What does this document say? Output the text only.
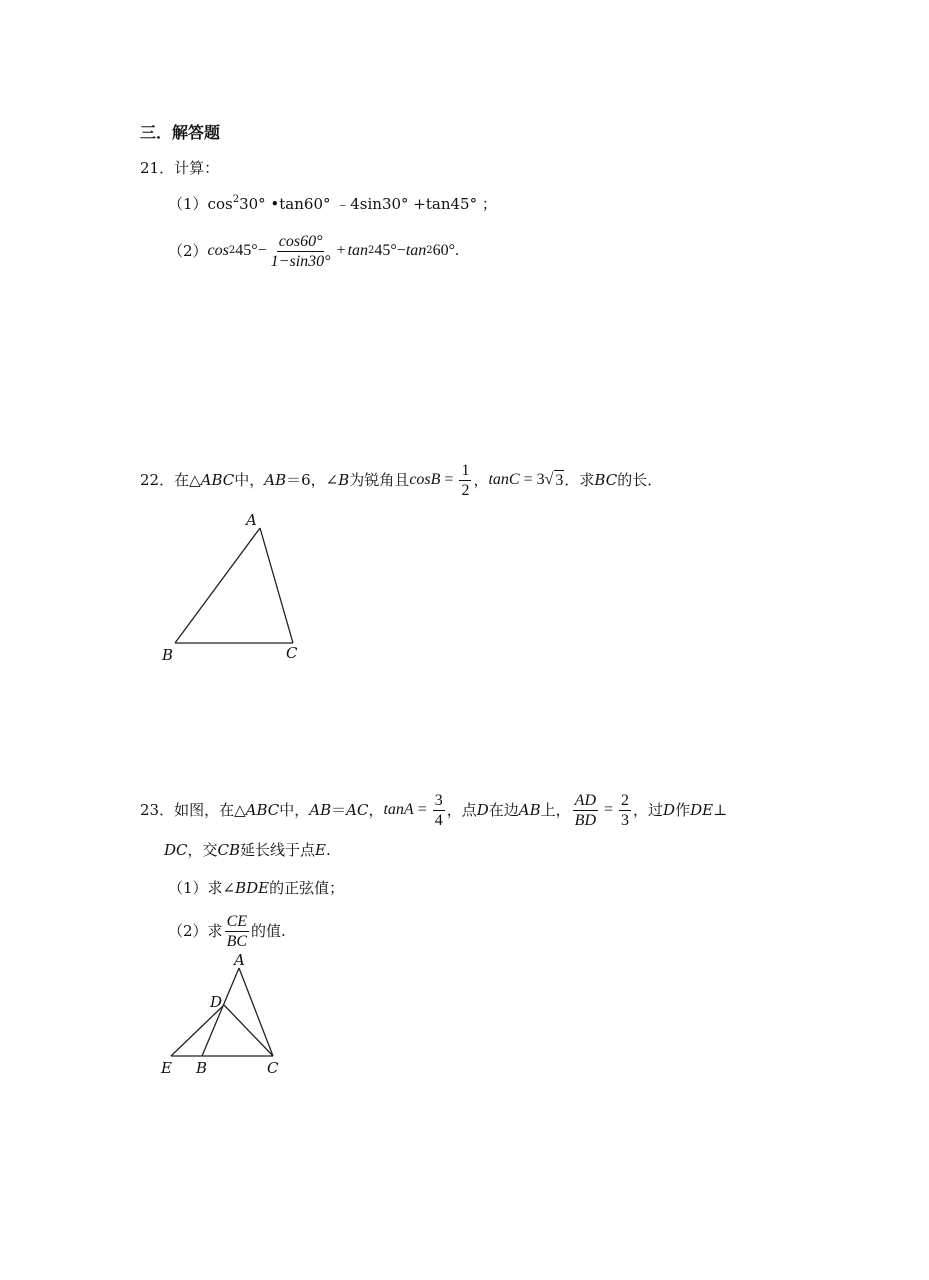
三．解答题
21．计算：
$(1)\cos^230^\circ$ •tan60° ﹣4sin30° +tan45° ；
（2） cos 2 $45^\circ- \frac{\cos 60^\circ}{1-\sin 30^\circ} + \tan 2$ 45°− tan 2 60°.
22． 在△ ABC 中， AB ＝6，∠ B 为锐角且 $\cos B = \frac{1}{2}$ ， tanC = 3 √ 3 ．求 BC 的长．
A
B	C
23． 如图，在△ ABC 中， AB ＝ AC ， $\tan A = \frac{3}{4}$ ，点 D 在边 AB 上， $\frac{AD}{BD} = \frac{2}{3}$ ，过 D 作 DE ⊥
DC，交CB延长线于点E.
（1）求∠BDE的正弦值；
（2） 求 $\frac{CE}{BC}$ 的值.
A
D
E B	C
